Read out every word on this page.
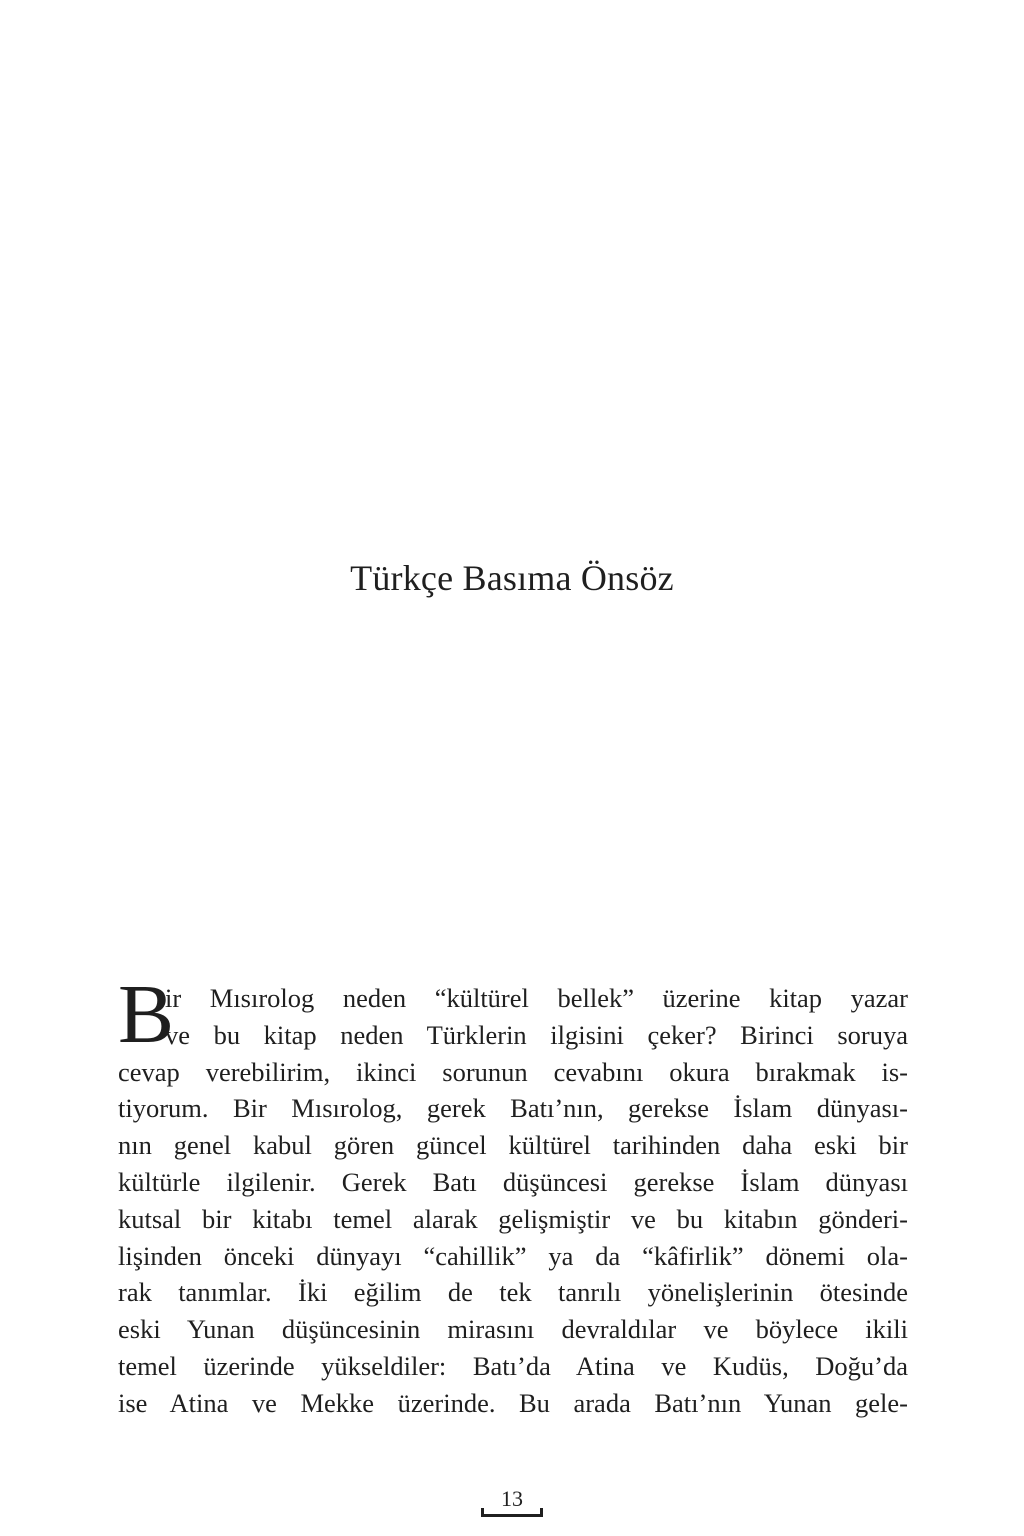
Türkçe Basıma Önsöz
B
ir Mısırolog neden “kültürel bellek” üzerine kitap yazar
ve bu kitap neden Türklerin ilgisini çeker? Birinci soruya
cevap verebilirim, ikinci sorunun cevabını okura bırakmak is-
tiyorum. Bir Mısırolog, gerek Batı’nın, gerekse İslam dünyası-
nın genel kabul gören güncel kültürel tarihinden daha eski bir
kültürle ilgilenir. Gerek Batı düşüncesi gerekse İslam dünyası
kutsal bir kitabı temel alarak gelişmiştir ve bu kitabın gönderi-
lişinden önceki dünyayı “cahillik” ya da “kâfirlik” dönemi ola-
rak tanımlar. İki eğilim de tek tanrılı yönelişlerinin ötesinde
eski Yunan düşüncesinin mirasını devraldılar ve böylece ikili
temel üzerinde yükseldiler: Batı’da Atina ve Kudüs, Doğu’da
ise Atina ve Mekke üzerinde. Bu arada Batı’nın Yunan gele-
13
